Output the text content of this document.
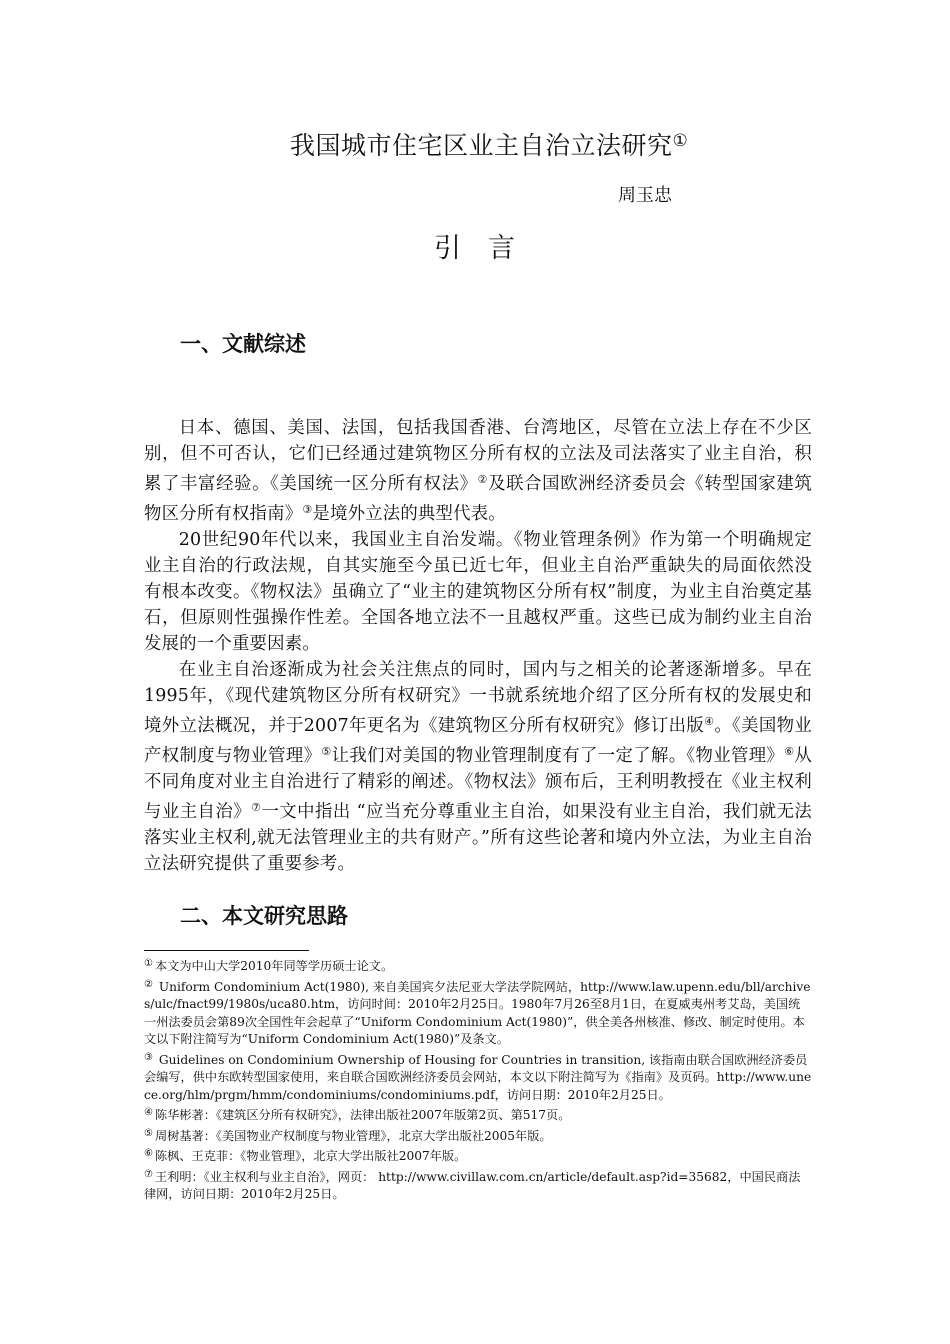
我国城市住宅区业主自治立法研究①
周玉忠
引　言
一、文献综述

日本、德国、美国、法国，包括我国香港、台湾地区，尽管在立法上存在不少区别，但不可否认，它们已经通过建筑物区分所有权的立法及司法落实了业主自治，积累了丰富经验。《美国统一区分所有权法》②及联合国欧洲经济委员会《转型国家建筑物区分所有权指南》③是境外立法的典型代表。

20世纪90年代以来，我国业主自治发端。《物业管理条例》作为第一个明确规定业主自治的行政法规，自其实施至今虽已近七年，但业主自治严重缺失的局面依然没有根本改变。《物权法》虽确立了“业主的建筑物区分所有权”制度，为业主自治奠定基石，但原则性强操作性差。全国各地立法不一且越权严重。这些已成为制约业主自治发展的一个重要因素。

在业主自治逐渐成为社会关注焦点的同时，国内与之相关的论著逐渐增多。早在1995年，《现代建筑物区分所有权研究》一书就系统地介绍了区分所有权的发展史和境外立法概况，并于2007年更名为《建筑物区分所有权研究》修订出版④。《美国物业产权制度与物业管理》⑤让我们对美国的物业管理制度有了一定了解。《物业管理》⑥从不同角度对业主自治进行了精彩的阐述。《物权法》颁布后，王利明教授在《业主权利与业主自治》⑦一文中指出 “应当充分尊重业主自治，如果没有业主自治，我们就无法落实业主权利,就无法管理业主的共有财产。”所有这些论著和境内外立法，为业主自治立法研究提供了重要参考。

二、本文研究思路

① 本文为中山大学2010年同等学历硕士论文。

② Uniform Condominium Act(1980), 来自美国宾夕法尼亚大学法学院网站，http://www.law.upenn.edu/bll/archives/ulc/fnact99/1980s/uca80.htm，访问时间：2010年2月25日。1980年7月26至8月1日，在夏威夷州考艾岛，美国统一州法委员会第89次全国性年会起草了“Uniform Condominium Act(1980)”，供全美各州核准、修改、制定时使用。本文以下附注简写为“Uniform Condominium Act(1980)”及条文。

③ Guidelines on Condominium Ownership of Housing for Countries in transition, 该指南由联合国欧洲经济委员会编写，供中东欧转型国家使用，来自联合国欧洲经济委员会网站，本文以下附注简写为《指南》及页码。http://www.unece.org/hlm/prgm/hmm/condominiums/condominiums.pdf，访问日期：2010年2月25日。

④ 陈华彬著：《建筑区分所有权研究》，法律出版社2007年版第2页、第517页。

⑤ 周树基著：《美国物业产权制度与物业管理》，北京大学出版社2005年版。

⑥ 陈枫、王克菲：《物业管理》，北京大学出版社2007年版。

⑦ 王利明：《业主权利与业主自治》，网页： http://www.civillaw.com.cn/article/default.asp?id=35682，中国民商法律网，访问日期：2010年2月25日。
